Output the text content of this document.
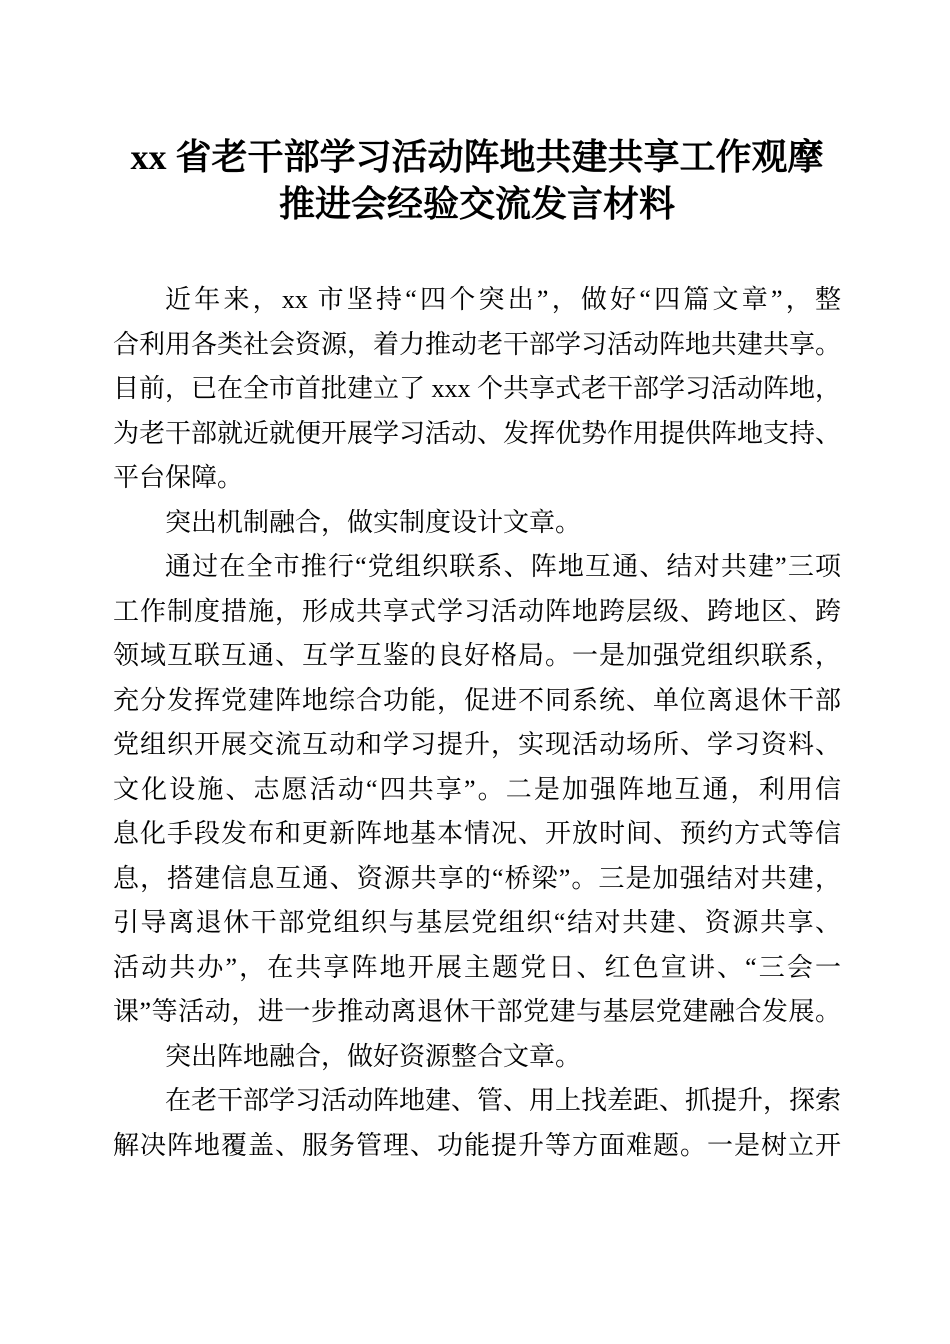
xx 省老干部学习活动阵地共建共享工作观摩
推进会经验交流发言材料
近年来，xx 市坚持“四个突出”，做好“四篇文章”，整
合利用各类社会资源，着力推动老干部学习活动阵地共建共享。
目前，已在全市首批建立了 xxx 个共享式老干部学习活动阵地，
为老干部就近就便开展学习活动、发挥优势作用提供阵地支持、
平台保障。
突出机制融合，做实制度设计文章。
通过在全市推行“党组织联系、阵地互通、结对共建”三项
工作制度措施，形成共享式学习活动阵地跨层级、跨地区、跨
领域互联互通、互学互鉴的良好格局。一是加强党组织联系，
充分发挥党建阵地综合功能，促进不同系统、单位离退休干部
党组织开展交流互动和学习提升，实现活动场所、学习资料、
文化设施、志愿活动“四共享”。二是加强阵地互通，利用信
息化手段发布和更新阵地基本情况、开放时间、预约方式等信
息，搭建信息互通、资源共享的“桥梁”。三是加强结对共建，
引导离退休干部党组织与基层党组织“结对共建、资源共享、
活动共办”，在共享阵地开展主题党日、红色宣讲、“三会一
课”等活动，进一步推动离退休干部党建与基层党建融合发展。
突出阵地融合，做好资源整合文章。
在老干部学习活动阵地建、管、用上找差距、抓提升，探索
解决阵地覆盖、服务管理、功能提升等方面难题。一是树立开
